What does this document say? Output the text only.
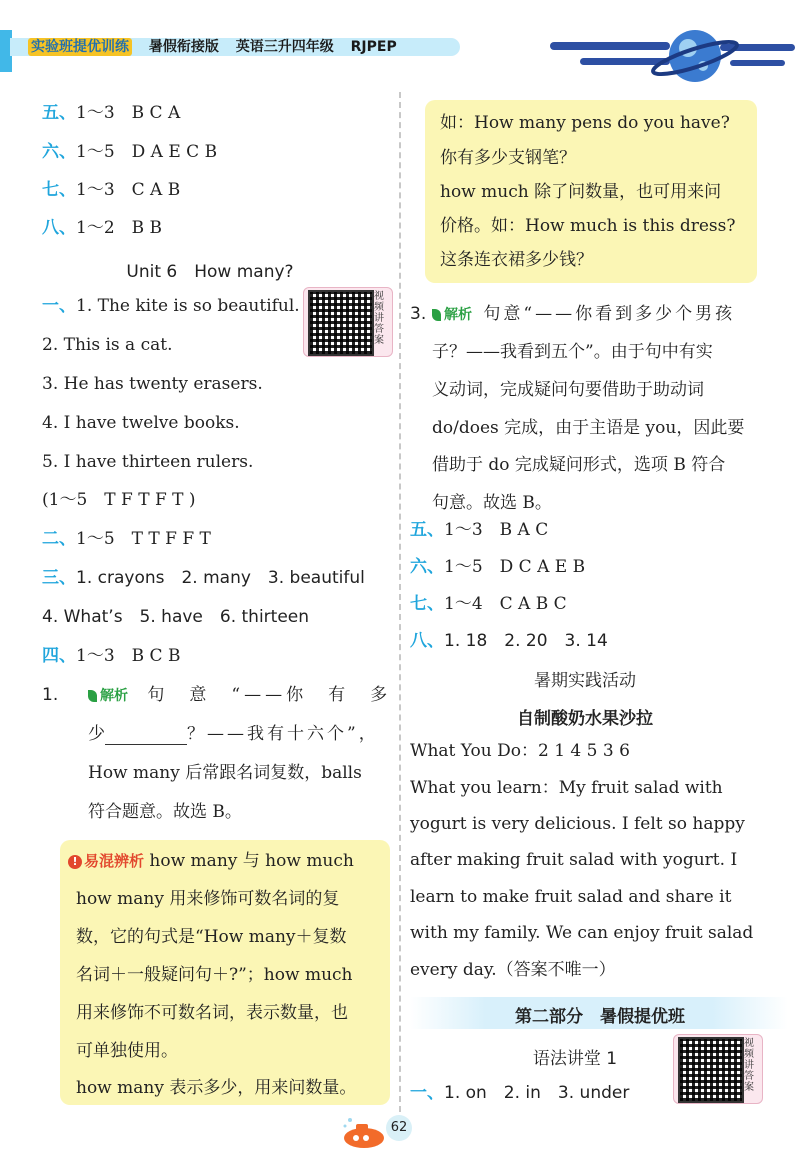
实验班提优训练 暑假衔接版 英语三升四年级 RJPEP
五、1～3　B C A
六、1～5　D A E C B
七、1～3　C A B
八、1～2　B B
Unit 6　How many?
一、1. The kite is so beautiful.
2. This is a cat.
3. He has twenty erasers.
4. I have twelve books.
5. I have thirteen rulers.
(1～5　T F T F T )
视频讲答案
二、1～5　T T F F T
三、1. crayons　2. many　3. beautiful
4. What’s　5. have　6. thirteen
四、1～3　B C B
1.	解析 句　意　“——你　有　多
少	？——我有十六个”，
How many 后常跟名词复数，balls
符合题意。故选 B。
! 易混辨析 how many 与 how much
how many 用来修饰可数名词的复
数，它的句式是“How many＋复数
名词＋一般疑问句＋?”；how much
用来修饰不可数名词，表示数量，也
可单独使用。
how many 表示多少，用来问数量。
如：How many pens do you have?
你有多少支钢笔？
how much 除了问数量，也可用来问
价格。如：How much is this dress?
这条连衣裙多少钱？
3.	解析 句意“——你看到多少个男孩
子？——我看到五个”。由于句中有实
义动词，完成疑问句要借助于助动词
do/does 完成，由于主语是 you，因此要
借助于 do 完成疑问形式，选项 B 符合
句意。故选 B。
五、1～3　B A C
六、1～5　D C A E B
七、1～4　C A B C
八、1. 18　2. 20　3. 14
暑期实践活动
自制酸奶水果沙拉
What You Do：2 1 4 5 3 6
What you learn：My fruit salad with
yogurt is very delicious. I felt so happy
after making fruit salad with yogurt. I
learn to make fruit salad and share it
with my family. We can enjoy fruit salad
every day.（答案不唯一）
第二部分　暑假提优班
语法讲堂 1
一、1. on　2. in　3. under
视频讲答案
62
